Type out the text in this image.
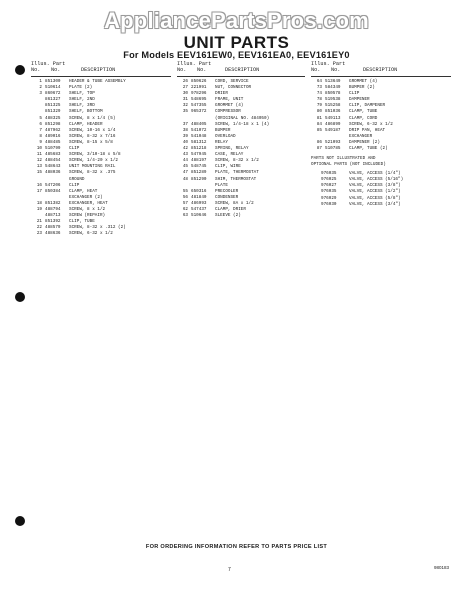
AppliancePartsPros.com
UNIT PARTS
For Models EEV161EW0, EEV161EA0, EEV161EY0
Illus. Part
No. No.	DESCRIPTION
1 851300	HEADER & TUBE ASSEMBLY
2 510614	PLATE (2)
3 860672	SHELF, TOP
861327	SHELF, 2ND
851325	SHELF, 3RD
851329	SHELF, BOTTOM
5 488325	SCREW, 8 x 1/4 (5)
6 851298	CLAMP, HEADER
7 487962	SCREW, 10-16 x 1/4
8 489016	SCREW, 8-32 x 7/16
9 488485	SCREW, 8-15 x 5/8
10 510799	CLIP
11 485683	SCREW, 3/10-18 x 5/8
12 488454	SCREW, 1/4-20 x 1/2
13 548643	UNIT MOUNTING RAIL
15 488036	SCREW, 8-32 x .375
GROUND
16 547206	CLIP
17 850384	CLAMP, HEAT
EXCHANGER (2)
18 851382	EXCHANGER, HEAT
19 488794	SCREW, 8 x 1/2
488713	SCREW (REPAIR)
21 851392	CLIP, TUBE
22 488579	SCREW, 8-32 x .312 (2)
23 488636	SCREW, 6-32 x 1/2
Illus. Part
No. No.	DESCRIPTION
26 850626	CORD, SERVICE
27 221991	NUT, CONNECTOR
30 978296	DRIER
31 548695	FRAME, UNIT
32 547355	GROMMET (4)
35 965372	COMPRESSOR
(ORIGINAL NO. 484050)
37 488405	SCREW, 1/4-18 x 1 (4)
38 541072	BUMPER
39 541048	OVERLOAD
40 581312	RELAY
42 851218	SPRING, RELAY
43 547945	CASE, RELAY
44 488197	SCREW, 8-32 x 1/2
45 548745	CLIP, WIRE
47 851289	PLATE, THERMOSTAT
48 851290	SHIM, THERMOSTAT
PLATE
55 650316	PRECOOLER
56 481840	CONDENSER
57 486993	SCREW, 8A x 1/2
62 547437	CLAMP, DRIER
63 510646	SLEEVE (2)
Illus. Part
No. No.	DESCRIPTION
64 513649	GROMMET (4)
73 584349	BUMPER (2)
74 850578	CLIP
78 519538	DAMPENER
79 515258	CLIP, DAMPENER
80 851036	CLAMP, TUBE
81 549113	CLAMP, CORD
84 486899	SCREW, 6-32 x 1/2
85 549187	DRIP PAN, HEAT
EXCHANGER
86 521093	DAMPENER (2)
87 510785	CLAMP, TUBE (2)
PARTS NOT ILLUSTRATED AND
OPTIONAL PARTS (NOT INCLUDED)
976035	VALVE, ACCESS (1/4")
976025	VALVE, ACCESS (5/16")
976027	VALVE, ACCESS (3/8")
976035	VALVE, ACCESS (1/2")
976029	VALVE, ACCESS (5/8")
976030	VALVE, ACCESS (3/4")
FOR ORDERING INFORMATION REFER TO PARTS PRICE LIST
7	980183
